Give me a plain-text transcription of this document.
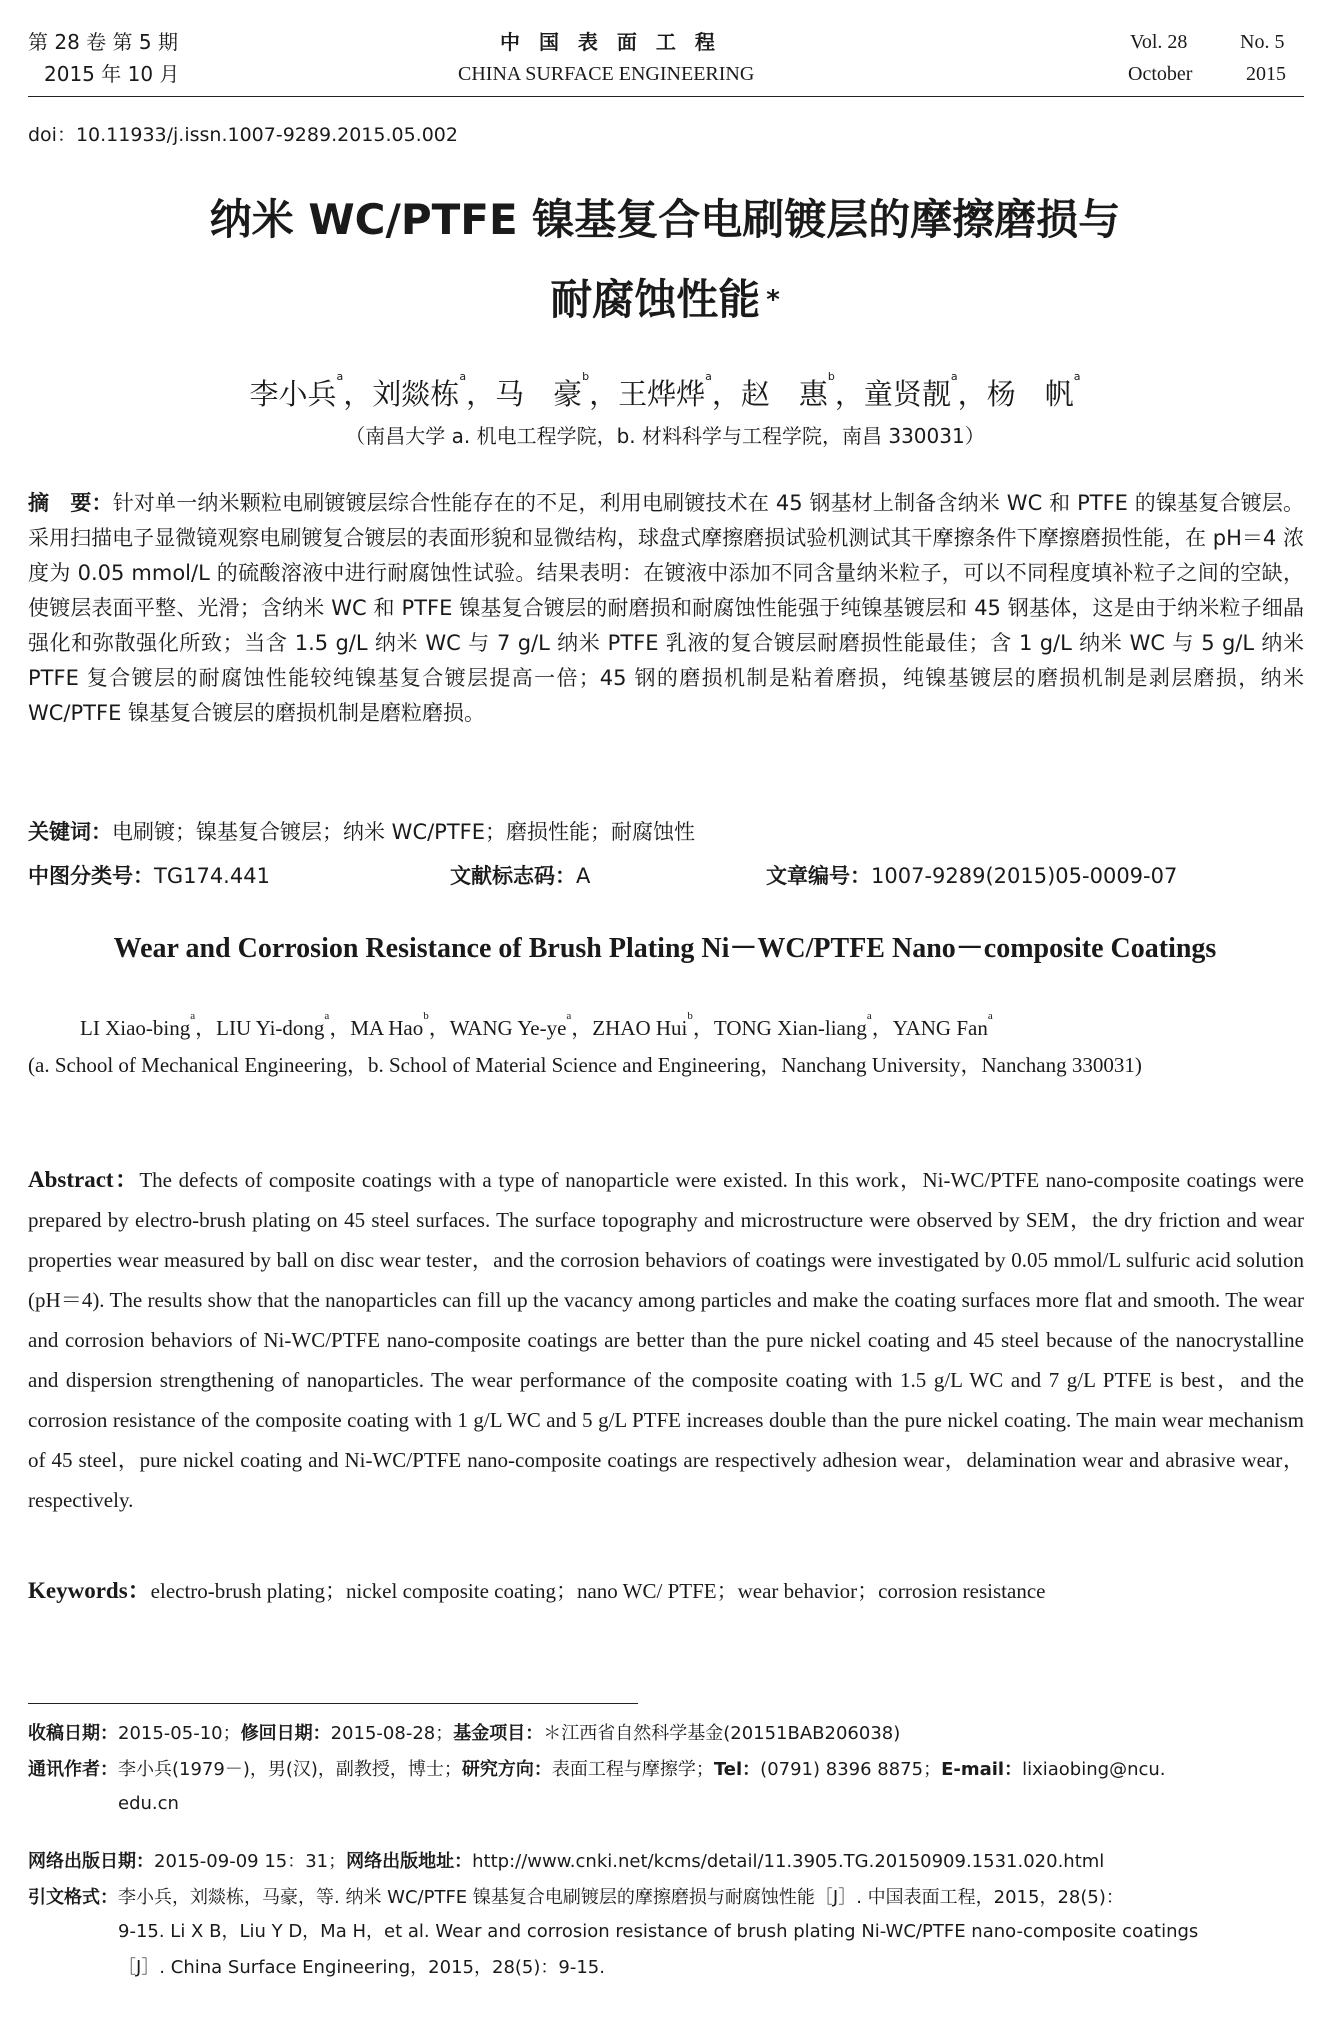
第 28 卷 第 5 期
2015 年 10 月
中 国 表 面 工 程
CHINA SURFACE ENGINEERING
Vol. 28	No. 5
October	2015
doi：10.11933/j.issn.1007-9289.2015.05.002
纳米 WC/PTFE 镍基复合电刷镀层的摩擦磨损与
耐腐蚀性能 *
李小兵$^a$，刘燚栋$^a$，马　豪$^b$，王烨烨$^a$，赵　惠$^b$，童贤靓$^a$，杨　帆$^a$
（南昌大学 a. 机电工程学院，b. 材料科学与工程学院，南昌 330031）
摘　要：针对单一纳米颗粒电刷镀镀层综合性能存在的不足，利用电刷镀技术在 45 钢基材上制备含纳米 WC 和 PTFE 的镍基复合镀层。采用扫描电子显微镜观察电刷镀复合镀层的表面形貌和显微结构，球盘式摩擦磨损试验机测试其干摩擦条件下摩擦磨损性能，在 pH＝4 浓度为 0.05 mmol/L 的硫酸溶液中进行耐腐蚀性试验。结果表明：在镀液中添加不同含量纳米粒子，可以不同程度填补粒子之间的空缺，使镀层表面平整、光滑；含纳米 WC 和 PTFE 镍基复合镀层的耐磨损和耐腐蚀性能强于纯镍基镀层和 45 钢基体，这是由于纳米粒子细晶强化和弥散强化所致；当含 1.5 g/L 纳米 WC 与 7 g/L 纳米 PTFE 乳液的复合镀层耐磨损性能最佳；含 1 g/L 纳米 WC 与 5 g/L 纳米 PTFE 复合镀层的耐腐蚀性能较纯镍基复合镀层提高一倍；45 钢的磨损机制是粘着磨损，纯镍基镀层的磨损机制是剥层磨损，纳米 WC/PTFE 镍基复合镀层的磨损机制是磨粒磨损。
关键词：电刷镀；镍基复合镀层；纳米 WC/PTFE；磨损性能；耐腐蚀性
中图分类号：TG174.441	文献标志码：A	文章编号：1007-9289(2015)05-0009-07
Wear and Corrosion Resistance of Brush Plating Ni－WC/PTFE Nano－composite Coatings
LI Xiao-bing$^a$，LIU Yi-dong$^a$，MA Hao$^b$，WANG $Ye-ye^a$，ZHAO Hui$^b$，TONG Xian-liang$^a$，YANG Fan$^a$
(a. School of Mechanical Engineering，b. School of Material Science and Engineering，Nanchang University，Nanchang 330031)
Abstract：The defects of composite coatings with a type of nanoparticle were existed. In this work，Ni-WC/PTFE nano-composite coatings were prepared by electro-brush plating on 45 steel surfaces. The surface topography and microstructure were observed by SEM，the dry friction and wear properties wear measured by ball on disc wear tester，and the corrosion behaviors of coatings were investigated by 0.05 mmol/L sulfuric acid solution (pH＝4). The results show that the nanoparticles can fill up the vacancy among particles and make the coating surfaces more flat and smooth. The wear and corrosion behaviors of Ni-WC/PTFE nano-composite coatings are better than the pure nickel coating and 45 steel because of the nanocrystalline and dispersion strengthening of nanoparticles. The wear performance of the composite coating with 1.5 g/L WC and 7 g/L PTFE is best，and the corrosion resistance of the composite coating with 1 g/L WC and 5 g/L PTFE increases double than the pure nickel coating. The main wear mechanism of 45 steel，pure nickel coating and Ni-WC/PTFE nano-composite coatings are respectively adhesion wear，delamination wear and abrasive wear，respectively.
Keywords：electro-brush plating；nickel composite coating；nano WC/ PTFE；wear behavior；corrosion resistance
收稿日期：2015-05-10；修回日期：2015-08-28；基金项目：＊江西省自然科学基金(20151BAB206038)
通讯作者：李小兵(1979－)，男(汉)，副教授，博士；研究方向：表面工程与摩擦学；Tel：(0791) 8396 8875；E-mail：lixiaobing@ncu.
edu.cn
网络出版日期：2015-09-09 15：31；网络出版地址：http://www.cnki.net/kcms/detail/11.3905.TG.20150909.1531.020.html
引文格式：李小兵，刘燚栋，马豪，等. 纳米 WC/PTFE 镍基复合电刷镀层的摩擦磨损与耐腐蚀性能［J］. 中国表面工程，2015，28(5)：
9-15. Li X B，Liu Y D，Ma H，et al. Wear and corrosion resistance of brush plating Ni-WC/PTFE nano-composite coatings
［J］. China Surface Engineering，2015，28(5)：9-15.
